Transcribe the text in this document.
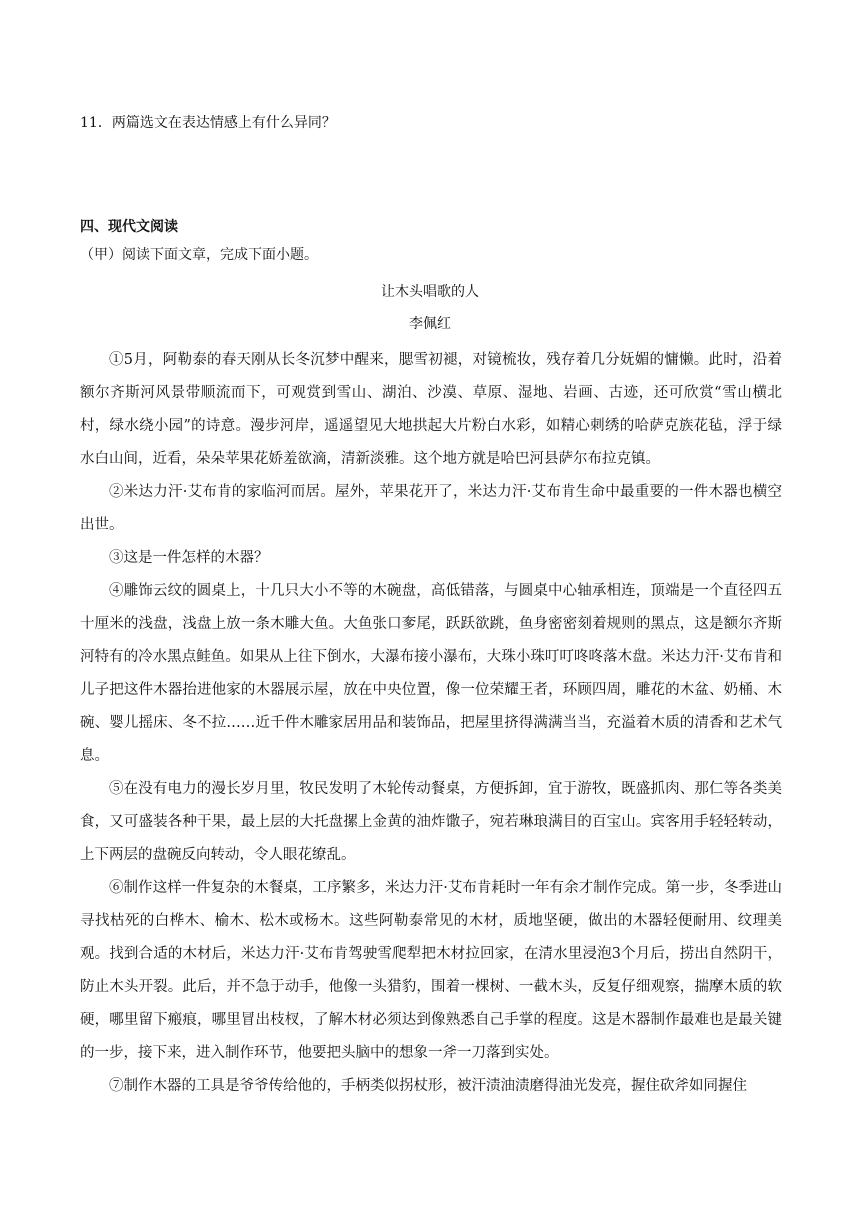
11．两篇选文在表达情感上有什么异同？
四、现代文阅读
（甲）阅读下面文章，完成下面小题。
让木头唱歌的人
李佩红

①5月，阿勒泰的春天刚从长冬沉梦中醒来，腮雪初褪，对镜梳妆，残存着几分妩媚的慵懒。此时，沿着额尔齐斯河风景带顺流而下，可观赏到雪山、湖泊、沙漠、草原、湿地、岩画、古迹，还可欣赏“雪山横北村，绿水绕小园”的诗意。漫步河岸，遥遥望见大地拱起大片粉白水彩，如精心刺绣的哈萨克族花毡，浮于绿水白山间，近看，朵朵苹果花娇羞欲滴，清新淡雅。这个地方就是哈巴河县萨尔布拉克镇。

②米达力汗·艾布肯的家临河而居。屋外，苹果花开了，米达力汗·艾布肯生命中最重要的一件木器也横空出世。

③这是一件怎样的木器？

④雕饰云纹的圆桌上，十几只大小不等的木碗盘，高低错落，与圆桌中心轴承相连，顶端是一个直径四五十厘米的浅盘，浅盘上放一条木雕大鱼。大鱼张口奓尾，跃跃欲跳，鱼身密密刻着规则的黑点，这是额尔齐斯河特有的冷水黑点鲑鱼。如果从上往下倒水，大瀑布接小瀑布，大珠小珠叮叮咚咚落木盘。米达力汗·艾布肯和儿子把这件木器抬进他家的木器展示屋，放在中央位置，像一位荣耀王者，环顾四周，雕花的木盆、奶桶、木碗、婴儿摇床、冬不拉……近千件木雕家居用品和装饰品，把屋里挤得满满当当，充溢着木质的清香和艺术气息。

⑤在没有电力的漫长岁月里，牧民发明了木轮传动餐桌，方便拆卸，宜于游牧，既盛抓肉、那仁等各类美食，又可盛装各种干果，最上层的大托盘摞上金黄的油炸馓子，宛若琳琅满目的百宝山。宾客用手轻轻转动，上下两层的盘碗反向转动，令人眼花缭乱。

⑥制作这样一件复杂的木餐桌，工序繁多，米达力汗·艾布肯耗时一年有余才制作完成。第一步，冬季进山寻找枯死的白桦木、榆木、松木或杨木。这些阿勒泰常见的木材，质地坚硬，做出的木器轻便耐用、纹理美观。找到合适的木材后，米达力汗·艾布肯驾驶雪爬犁把木材拉回家，在清水里浸泡3个月后，捞出自然阴干，防止木头开裂。此后，并不急于动手，他像一头猎豹，围着一棵树、一截木头，反复仔细观察，揣摩木质的软硬，哪里留下瘢痕，哪里冒出枝杈，了解木材必须达到像熟悉自己手掌的程度。这是木器制作最难也是最关键的一步，接下来，进入制作环节，他要把头脑中的想象一斧一刀落到实处。

⑦制作木器的工具是爷爷传给他的，手柄类似拐杖形，被汗渍油渍磨得油光发亮，握住砍斧如同握住
